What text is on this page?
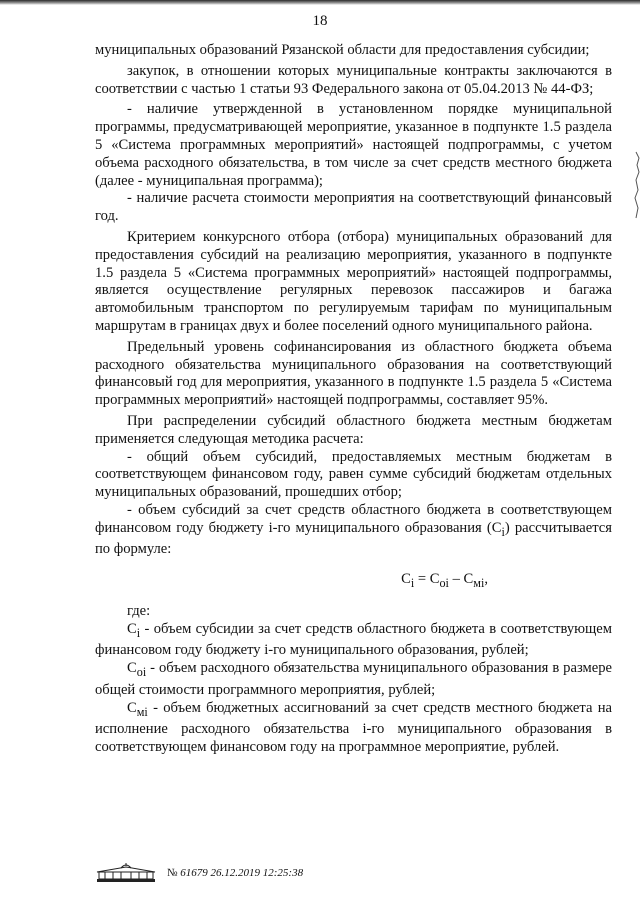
18

муниципальных образований Рязанской области для предоставления субсидии;

закупок, в отношении которых муниципальные контракты заключаются в соответствии с частью 1 статьи 93 Федерального закона от 05.04.2013 № 44-ФЗ;

- наличие утвержденной в установленном порядке муниципальной программы, предусматривающей мероприятие, указанное в подпункте 1.5 раздела 5 «Система программных мероприятий» настоящей подпрограммы, с учетом объема расходного обязательства, в том числе за счет средств местного бюджета (далее - муниципальная программа);

- наличие расчета стоимости мероприятия на соответствующий финансовый год.

Критерием конкурсного отбора (отбора) муниципальных образований для предоставления субсидий на реализацию мероприятия, указанного в подпункте 1.5 раздела 5 «Система программных мероприятий» настоящей подпрограммы, является осуществление регулярных перевозок пассажиров и багажа автомобильным транспортом по регулируемым тарифам по муниципальным маршрутам в границах двух и более поселений одного муниципального района.

Предельный уровень софинансирования из областного бюджета объема расходного обязательства муниципального образования на соответствующий финансовый год для мероприятия, указанного в подпункте 1.5 раздела 5 «Система программных мероприятий» настоящей подпрограммы, составляет 95%.

При распределении субсидий областного бюджета местным бюджетам применяется следующая методика расчета:

- общий объем субсидий, предоставляемых местным бюджетам в соответствующем финансовом году, равен сумме субсидий бюджетам отдельных муниципальных образований, прошедших отбор;

- объем субсидий за счет средств областного бюджета в соответствующем финансовом году бюджету i-го муниципального образования $(C_i)$ рассчитывается по формуле:

$C_i = C_{oi} - C_{мi}$,

где:

$C_i$ - объем субсидии за счет средств областного бюджета в соответствующем финансовом году бюджету i-го муниципального образования, рублей;

$C_{oi}$ - объем расходного обязательства муниципального образования в размере общей стоимости программного мероприятия, рублей;

$C_{мi}$ - объем бюджетных ассигнований за счет средств местного бюджета на исполнение расходного обязательства i-го муниципального образования в соответствующем финансовом году на программное мероприятие, рублей.

№ 61679 26.12.2019 12:25:38
